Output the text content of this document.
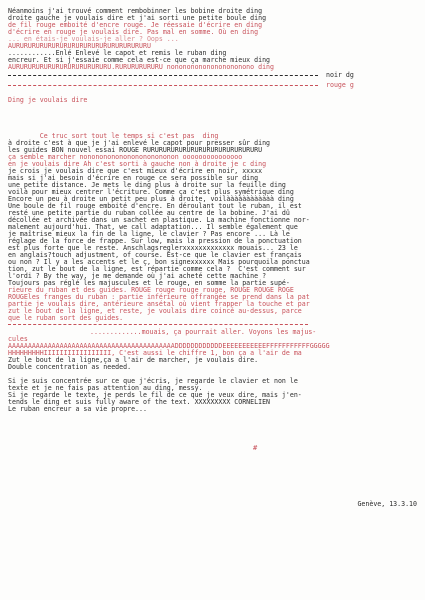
Néanmoins j'ai trouvé comment rembobinner les bobine droite ding
droite gauche je voulais dire et j'ai sorti une petite boule ding
de fil rouge emboité d'encre rouge. Je réessaie d'écrire en ding
d'écrire en rouge je voulais dire. Pas mal en somme. Où en ding
... en étais-je voulais-je aller ? Oops ...
AURURURURURURURURURURURURURURURURURU
............Enlé Enlevé le capot et remis le ruban ding
encreur. Et si j'essaie comme cela est-ce que ça marche mieux ding
AURURURURURURURURURURURURU.RURURURURURU nonononononononononono ding
noir dg
rouge g
Ding je voulais dire
Ce truc sort tout le temps si c'est pas  ding
à droite c'est à que je j'ai enlevé le capot pour presser sûr ding
les guides BON nouvel essai ROUGE RURURURURURURURURURURURURURURU
ça semble marcher nonononononononononononon ooooooooooooooo
en je voulais dire Ah c'est sorti à gauche non à droite je c ding
je crois je voulais dire que c'est mieux d'écrire en noir, xxxxx
mais si j'ai besoin d'écrire en rouge ce sera possible sur ding
une petite distance. Je mets le ding plus à droite sur la feuille ding
voilà pour mieux centrer l'écriture. Comme ça c'est plus symétrique ding
Encore un peu à droite un petit peu plus à droite, voilàààààààààààà ding
Une boule de fil rouge emboité d'encre. En déroulant tout le ruban, il est
resté une petite partie du ruban collée au centre de la bobine. J'ai dû
décollée et archivée dans un sachet en plastique. La machine fonctionne nor-
malement aujourd'hui. That, we call adaptation... Il semble également que
je maîtrise mieux la fin de la ligne, le clavier ? Pas encore ... Là le
réglage de la force de frappe. Sur low, mais la pression de la ponctuation
est plus forte que le reste. Anschlagsreglerxxxxxxxxxxxxx mouais... 23 le
en anglais?touch adjustment, of course. Est-ce que le clavier est français
ou non ? Il y a les accents et le ç, bon signexxxxxx Mais pourquoila ponctua
tion, zut le bout de la ligne, est répartie comme cela ?  C'est comment sur
l'ordi ? By the way, je me demande où j'ai acheté cette machine ?
Toujours pas réglé les majuscules et le rouge, en somme la partie supé-
rieure du ruban et des guides. ROUGE rouge rouge rouge, ROUGE ROUGE ROGE
ROUGEles franges du ruban : partie inférieure offrangée se prend dans la pat
partie je voulais dire, antérieure ansétal où vient frapper la touche et par
zut le bout de la ligne, et reste, je voulais dire coincé au-dessus, parce
que le ruban sort des guides.
.............mouais, ça pourrait aller. Voyons les majus-
cules
AAAAAAAAAAAAAAAAAAAAAAAAAAAAAAAAAAAAAAAAAADDDDDDDDDDDDEEEEEEEEEEEFFFFFFFFFFFGGGGG
HHHHHHHHHIIIIIIIIIIIIIIIII, C'est aussi le chiffre 1, bon ça a l'air de ma
Zut le bout de la ligne,ça a l'air de marcher, je voulais dire.
Double concentration as needed.
Si je suis concentrée sur ce que j'écris, je regarde le clavier et non le
texte et je ne fais pas attention au ding, messy.
Si je regarde le texte, je perds le fil de ce que je veux dire, mais j'en-
tends le ding et suis fully aware of the text. XXXXXXXXX CORNELIEN
Le ruban encreur a sa vie propre...
#
Genève, 13.3.10
